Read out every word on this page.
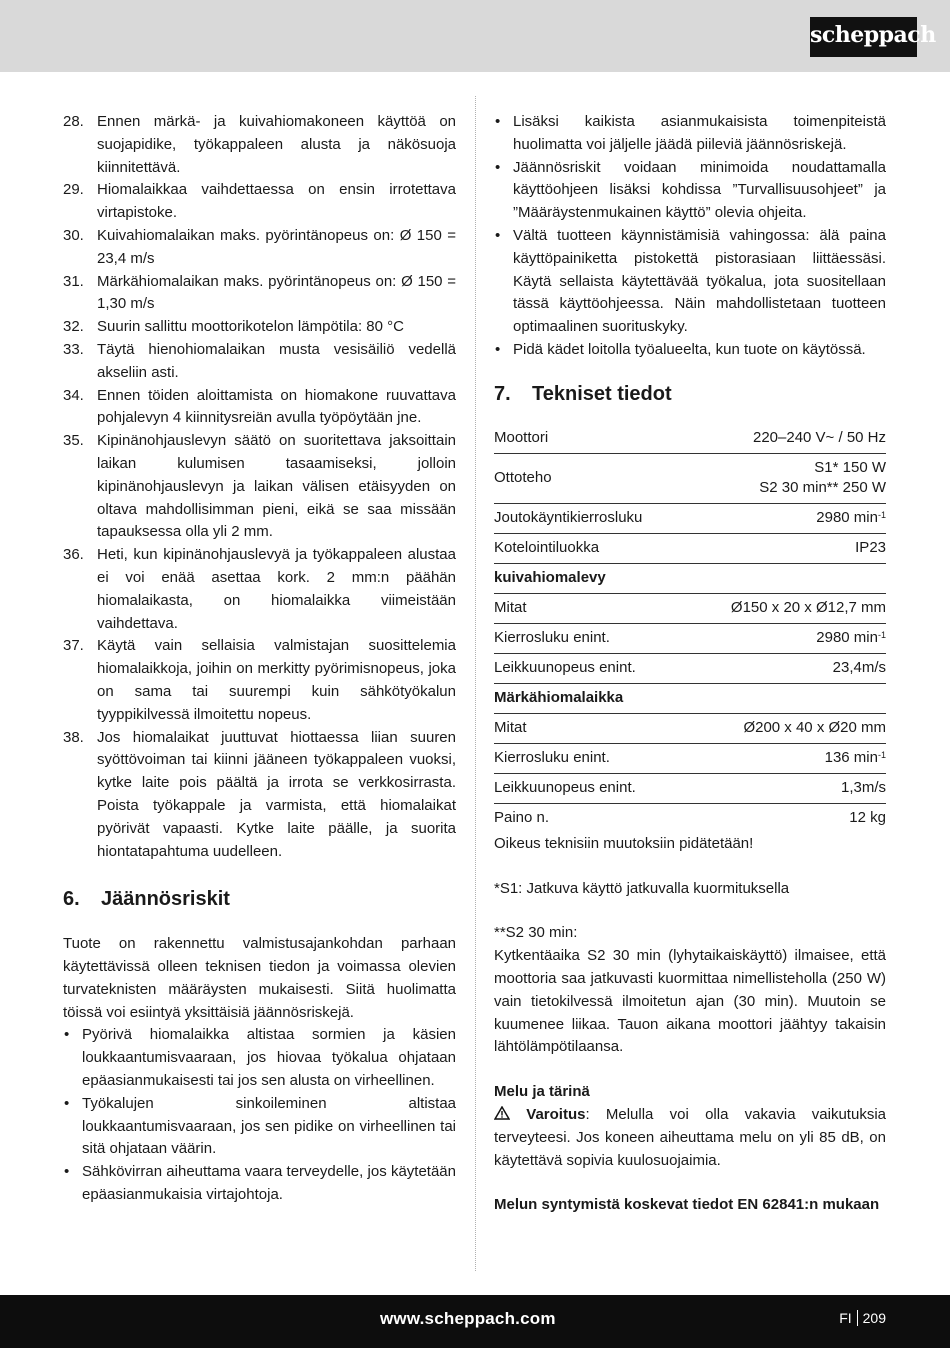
scheppach
28. Ennen märkä- ja kuivahiomakoneen käyttöä on suojapidike, työkappaleen alusta ja näkösuoja kiinnitettävä.
29. Hiomalaikkaa vaihdettaessa on ensin irrotettava virtapistoke.
30. Kuivahiomalaikan maks. pyörintänopeus on: Ø 150 = 23,4 m/s
31. Märkähiomalaikan maks. pyörintänopeus on: Ø 150 = 1,30 m/s
32. Suurin sallittu moottorikotelon lämpötila: 80 °C
33. Täytä hienohiomalaikan musta vesisäiliö vedellä akseliin asti.
34. Ennen töiden aloittamista on hiomakone ruuvattava pohjalevyn 4 kiinnitysreiän avulla työpöytään jne.
35. Kipinänohjauslevyn säätö on suoritettava jaksoittain laikan kulumisen tasaamiseksi, jolloin kipinänohjauslevyn ja laikan välisen etäisyyden on oltava mahdollisimman pieni, eikä se saa missään tapauksessa olla yli 2 mm.
36. Heti, kun kipinänohjauslevyä ja työkappaleen alustaa ei voi enää asettaa kork. 2 mm:n päähän hiomalaikasta, on hiomalaikka viimeistään vaihdettava.
37. Käytä vain sellaisia valmistajan suosittelemia hiomalaikkoja, joihin on merkitty pyörimisnopeus, joka on sama tai suurempi kuin sähkötyökalun tyyppikilvessä ilmoitettu nopeus.
38. Jos hiomalaikat juuttuvat hiottaessa liian suuren syöttövoiman tai kiinni jääneen työkappaleen vuoksi, kytke laite pois päältä ja irrota se verkkosirrasta. Poista työkappale ja varmista, että hiomalaikat pyörivät vapaasti. Kytke laite päälle, ja suorita hiontatapahtuma uudelleen.
6.	Jäännösriskit

Tuote on rakennettu valmistusajankohdan parhaan käytettävissä olleen teknisen tiedon ja voimassa olevien turvateknisten määräysten mukaisesti. Siitä huolimatta töissä voi esiintyä yksittäisiä jäännösriskejä.

• Pyörivä hiomalaikka altistaa sormien ja käsien loukkaantumisvaaraan, jos hiovaa työkalua ohjataan epäasianmukaisesti tai jos sen alusta on virheellinen.
• Työkalujen sinkoileminen altistaa loukkaantumisvaaraan, jos sen pidike on virheellinen tai sitä ohjataan väärin.
• Sähkövirran aiheuttama vaara terveydelle, jos käytetään epäasianmukaisia virtajohtoja.
• Lisäksi kaikista asianmukaisista toimenpiteistä huolimatta voi jäljelle jäädä piileviä jäännösriskejä.
• Jäännösriskit voidaan minimoida noudattamalla käyttöohjeen lisäksi kohdissa ”Turvallisuusohjeet” ja ”Määräystenmukainen käyttö” olevia ohjeita.
• Vältä tuotteen käynnistämisiä vahingossa: älä paina käyttöpainiketta pistokettä pistorasiaan liittäessäsi. Käytä sellaista käytettävää työkalua, jota suositellaan tässä käyttöohjeessa. Näin mahdollistetaan tuotteen optimaalinen suorituskyky.
• Pidä kädet loitolla työalueelta, kun tuote on käytössä.
7.	Tekniset tiedot
Moottori	220–240 V~ / 50 Hz
Ottoteho	S1* 150 W
S2 30 min** 250 W

Joutokäyntikierrosluku	2980 $\min^{-1}$
Kotelointiluokka	IP23
kuivahiomalevy	
Mitat	Ø150 x 20 x Ø12,7 mm
Kierrosluku enint.	2980 $\min^{-1}$
Leikkuunopeus enint.	23,4m/s
Märkähiomalaikka	
Mitat	Ø200 x 40 x Ø20 mm
Kierrosluku enint.	136 $\min^{-1}$
Leikkuunopeus enint.	1,3m/s
Paino n.	12 kg

Oikeus teknisiin muutoksiin pidätetään!

*S1: Jatkuva käyttö jatkuvalla kuormituksella

**S2 30 min:

Kytkentäaika S2 30 min (lyhytaikaiskäyttö) ilmaisee, että moottoria saa jatkuvasti kuormittaa nimellisteholla (250 W) vain tietokilvessä ilmoitetun ajan (30 min). Muutoin se kuumenee liikaa. Tauon aikana moottori jäähtyy takaisin lähtölämpötilaansa.

Melu ja tärinä

Varoitus: Melulla voi olla vakavia vaikutuksia terveyteesi. Jos koneen aiheuttama melu on yli 85 dB, on käytettävä sopivia kuulosuojaimia.

Melun syntymistä koskevat tiedot EN 62841:n mukaan

www.scheppach.com	FI 209
